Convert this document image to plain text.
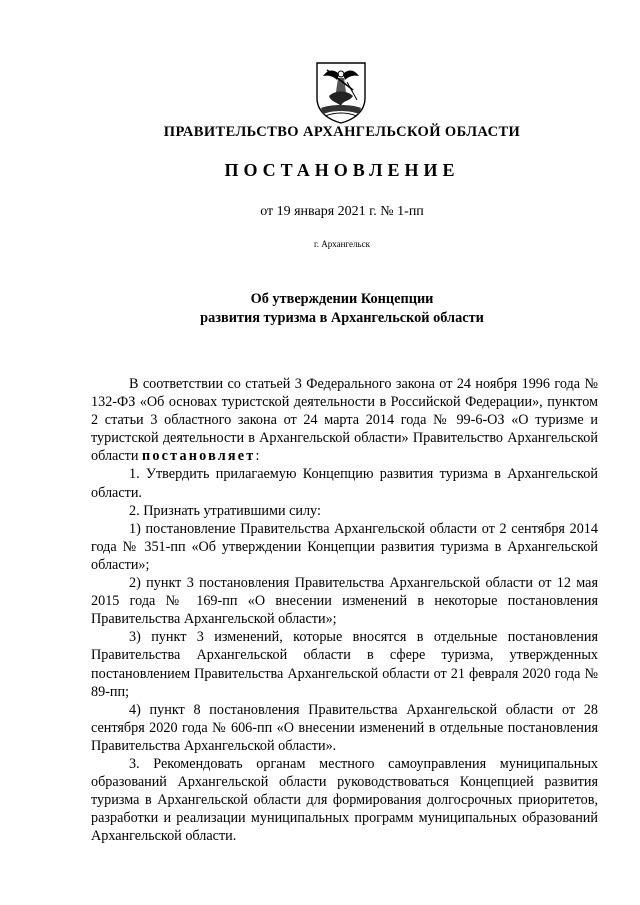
ПРАВИТЕЛЬСТВО АРХАНГЕЛЬСКОЙ ОБЛАСТИ
ПОСТАНОВЛЕНИЕ
от 19 января 2021 г. № 1-пп
г. Архангельск
Об утверждении Концепции
развития туризма в Архангельской области

В соответствии со статьей 3 Федерального закона от 24 ноября 1996 года № 132-ФЗ «Об основах туристской деятельности в Российской Федерации», пунктом 2 статьи 3 областного закона от 24 марта 2014 года № 99-6-ОЗ «О туризме и туристской деятельности в Архангельской области» Правительство Архангельской области постановляет:

1. Утвердить прилагаемую Концепцию развития туризма в Архангельской области.

2. Признать утратившими силу:

1) постановление Правительства Архангельской области от 2 сентября 2014 года № 351-пп «Об утверждении Концепции развития туризма в Архангельской области»;

2) пункт 3 постановления Правительства Архангельской области от 12 мая 2015 года № 169-пп «О внесении изменений в некоторые постановления Правительства Архангельской области»;

3) пункт 3 изменений, которые вносятся в отдельные постановления Правительства Архангельской области в сфере туризма, утвержденных постановлением Правительства Архангельской области от 21 февраля 2020 года № 89-пп;

4) пункт 8 постановления Правительства Архангельской области от 28 сентября 2020 года № 606-пп «О внесении изменений в отдельные постановления Правительства Архангельской области».

3. Рекомендовать органам местного самоуправления муниципальных образований Архангельской области руководствоваться Концепцией развития туризма в Архангельской области для формирования долгосрочных приоритетов, разработки и реализации муниципальных программ муниципальных образований Архангельской области.
